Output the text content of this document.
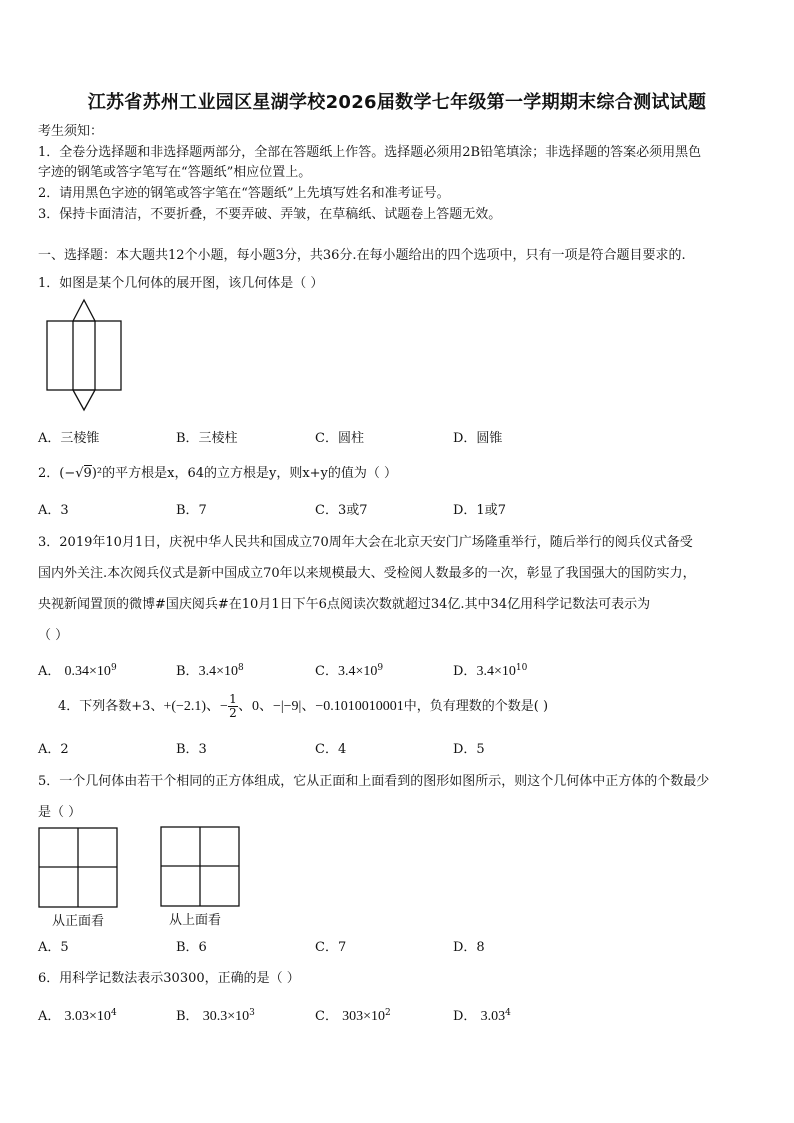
江苏省苏州工业园区星湖学校2026届数学七年级第一学期期末综合测试试题
考生须知：
1．全卷分选择题和非选择题两部分，全部在答题纸上作答。选择题必须用2B铅笔填涂；非选择题的答案必须用黑色
字迹的钢笔或答字笔写在“答题纸”相应位置上。
2．请用黑色字迹的钢笔或答字笔在“答题纸”上先填写姓名和准考证号。
3．保持卡面清洁，不要折叠，不要弄破、弄皱，在草稿纸、试题卷上答题无效。
一、选择题：本大题共12个小题，每小题3分，共36分.在每小题给出的四个选项中，只有一项是符合题目要求的.
1．如图是某个几何体的展开图，该几何体是（ ）
A．三棱锥	B．三棱柱	C．圆柱	D．圆锥
2．(−√9)²的平方根是x，64的立方根是y，则x+y的值为（ ）
A．3	B．7	C．3或7	D．1或7
3．2019年10月1日，庆祝中华人民共和国成立70周年大会在北京天安门广场隆重举行，随后举行的阅兵仪式备受
国内外关注.本次阅兵仪式是新中国成立70年以来规模最大、受检阅人数最多的一次，彰显了我国强大的国防实力，
央视新闻置顶的微博#国庆阅兵#在10月1日下午6点阅读次数就超过34亿.其中34亿用科学记数法可表示为
（ ）
A． $0.34\times 10^9$	B．$3.4\times 10^8$	C．$3.4\times 10^9$	D．$3.4\times 10^{10}$
4．下列各数+3、+(−2.1)、− $\frac{1}{2}$ 、0、−|−9|、−0.1010010001中，负有理数的个数是( )
A．2	B．3	C．4	D．5
5．一个几何体由若干个相同的正方体组成，它从正面和上面看到的图形如图所示，则这个几何体中正方体的个数最少
是（ ）
从正面看	从上面看
A．5	B．6	C．7	D．8
6．用科学记数法表示30300，正确的是（ ）
A． $3.03\times 10^4$	B． $30.3\times 10^3$	C． $303\times 10^2$	D． 3.03$^4$
